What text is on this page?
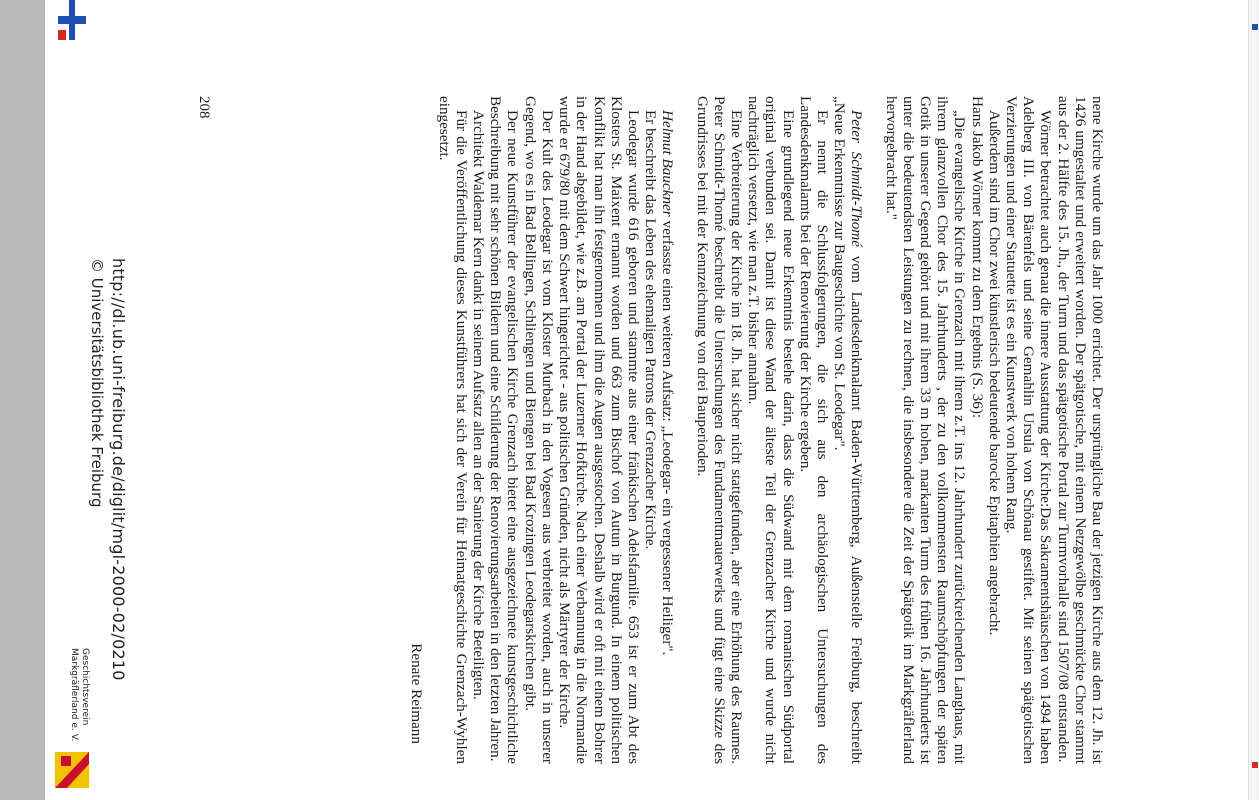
nene Kirche wurde um das Jahr 1000 errichtet. Der ursprüngliche Bau der jetzigen Kirche aus dem 12. Jh. ist 1426 umgestaltet und erweitert worden. Der spätgotische, mit einem Netzgewölbe geschmückte Chor stammt aus der 2. Hälfte des 15. Jh., der Turm und das spätgotische Portal zur Turmvorhalle sind 1507/08 entstanden.

Wörner betrachtet auch genau die innere Ausstattung der Kirche:Das Sakramentshäuschen von 1494 haben Adelberg III. von Bärenfels und seine Gemahlin Ursula von Schönau gestiftet. Mit seinen spätgotischen Verzierungen und einer Statuette ist es ein Kunstwerk von hohem Rang.

Außerdem sind im Chor zwei künstlerisch bedeutende barocke Epitaphien angebracht.

Hans Jakob Wörner kommt zu dem Ergebnis (S. 36):

„Die evangelische Kirche in Grenzach mit ihrem z.T. ins 12. Jahrhundert zurückreichenden Langhaus, mit ihrem glanzvollen Chor des 15. Jahrhunderts , der zu den vollkommensten Raumschöpfungen der späten Gotik in unserer Gegend gehört und mit ihrem 33 m hohen, markanten Turm des frühen 16. Jahrhunderts ist unter die bedeutendsten Leistungen zu rechnen, die insbesondere die Zeit der Spätgotik im Markgräflerland hervorgebracht hat."

Peter Schmidt-Thomé vom Landesdenkmalamt Baden-Württemberg, Außenstelle Freiburg, beschreibt „Neue Erkenntnisse zur Baugeschichte von St. Leodegar".

Er nennt die Schlussfolgerungen, die sich aus den archäologischen Untersuchungen des Landesdenkmalamts bei der Renovierung der Kirche ergeben.

Eine grundlegend neue Erkenntnis bestehe darin, dass die Südwand mit dem romanischen Südportal original verbunden sei. Damit ist diese Wand der älteste Teil der Grenzacher Kirche und wurde nicht nachträglich versetzt, wie man z.T. bisher annahm.

Eine Verbreiterung der Kirche im 18. Jh. hat sicher nicht stattgefunden, aber eine Erhöhung des Raumes. Peter Schmidt-Thomé beschreibt die Untersuchungen des Fundamentmauerwerks und fügt eine Skizze des Grundrisses bei mit der Kennzeichnung von drei Bauperioden.

Helmut Bauckner verfasste einen weiteren Aufsatz: „Leodegar- ein vergessener Heiliger".

Er beschreibt das Leben des ehemaligen Patrons der Grenzacher Kirche.

Leodegar wurde 616 geboren und stammte aus einer fränkischen Adelsfamilie. 653 ist er zum Abt des Klosters St. Maixent ernannt worden und 663 zum Bischof von Autun in Burgund. In einem politischen Konflikt hat man ihn festgenommen und ihm die Augen ausgestochen. Deshalb wird er oft mit einem Bohrer in der Hand abgebildet, wie z.B. am Portal der Luzerner Hofkirche. Nach einer Verbannung in die Normandie wurde er 679/80 mit dem Schwert hingerichtet - aus politischen Gründen, nicht als Märtyrer der Kirche.

Der Kult des Leodegar ist vom Kloster Murbach in den Vogesen aus verbreitet worden, auch in unserer Gegend, wo es in Bad Bellingen, Schliengen und Biengen bei Bad Krozingen Leodegarskirchen gibt.

Der neue Kunstführer der evangelischen Kirche Grenzach bietet eine ausgezeichnete kunstgeschichtliche Beschreibung mit sehr schönen Bildern und eine Schilderung der Renovierungsarbeiten in den letzten Jahren.

Architekt Waldemar Kern dankt in seinem Aufsatz allen an der Sanierung der Kirche Beteiligten.

Für die Veröffentlichung dieses Kunstführers hat sich der Verein für Heimatgeschichte Grenzach-Wyhlen eingesetzt.

Renate Reimann

208
http://dl.ub.uni-freiburg.de/diglit/mgl-2000-02/0210
© Universitätsbibliothek Freiburg
Geschichtsverein Markgräflerland e. V.
